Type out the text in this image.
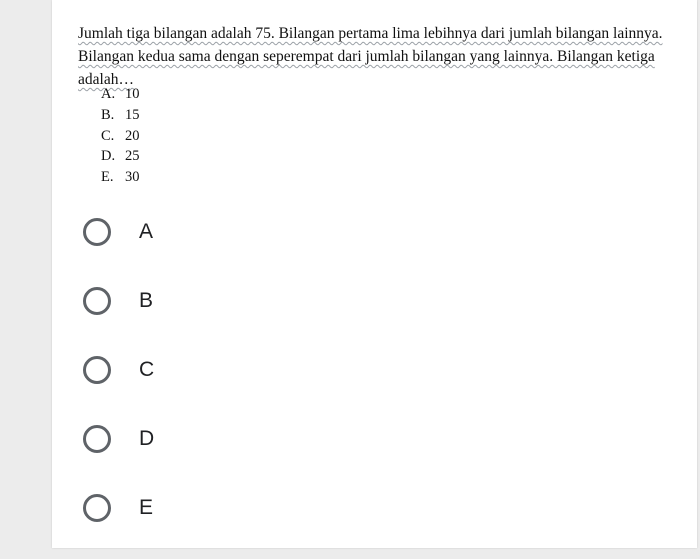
Jumlah tiga bilangan adalah 75. Bilangan pertama lima lebihnya dari jumlah bilangan lainnya. Bilangan kedua sama dengan seperempat dari jumlah bilangan yang lainnya. Bilangan ketiga adalah…
A. 10
B. 15
C. 20
D. 25
E. 30
A
B
C
D
E
